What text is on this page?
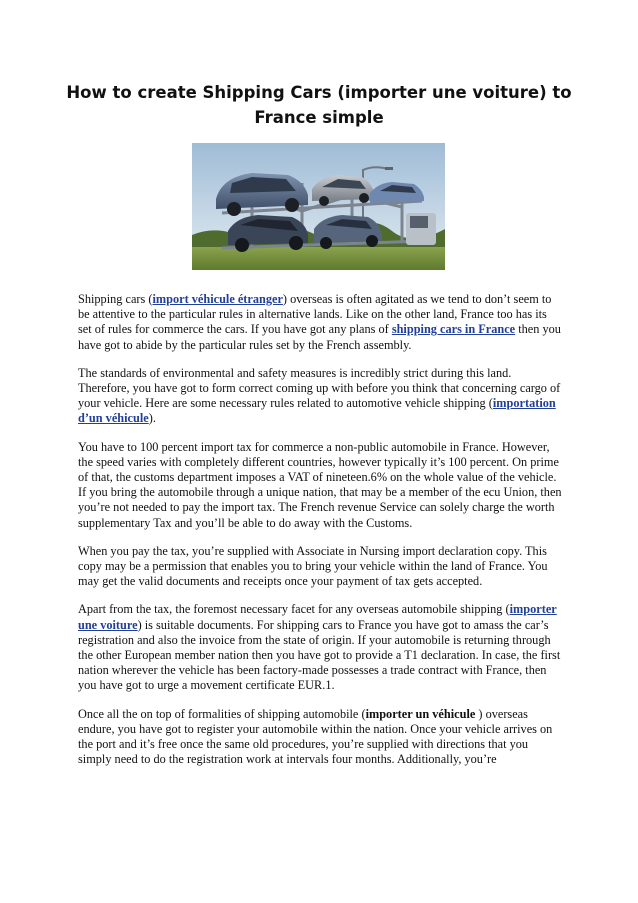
How to create Shipping Cars (importer une voiture) to France simple

Shipping cars (import véhicule étranger) overseas is often agitated as we tend to don’t seem to be attentive to the particular rules in alternative lands. Like on the other land, France too has its set of rules for commerce the cars. If you have got any plans of shipping cars in France then you have got to abide by the particular rules set by the French assembly.

The standards of environmental and safety measures is incredibly strict during this land. Therefore, you have got to form correct coming up with before you think that concerning cargo of your vehicle. Here are some necessary rules related to automotive vehicle shipping (importation d’un véhicule).

You have to 100 percent import tax for commerce a non-public automobile in France. However, the speed varies with completely different countries, however typically it’s 100 percent. On prime of that, the customs department imposes a VAT of nineteen.6% on the whole value of the vehicle. If you bring the automobile through a unique nation, that may be a member of the ecu Union, then you’re not needed to pay the import tax. The French revenue Service can solely charge the worth supplementary Tax and you’ll be able to do away with the Customs.

When you pay the tax, you’re supplied with Associate in Nursing import declaration copy. This copy may be a permission that enables you to bring your vehicle within the land of France. You may get the valid documents and receipts once your payment of tax gets accepted.

Apart from the tax, the foremost necessary facet for any overseas automobile shipping (importer une voiture) is suitable documents. For shipping cars to France you have got to amass the car’s registration and also the invoice from the state of origin. If your automobile is returning through the other European member nation then you have got to provide a T1 declaration. In case, the first nation wherever the vehicle has been factory-made possesses a trade contract with France, then you have got to urge a movement certificate EUR.1.

Once all the on top of formalities of shipping automobile (importer un véhicule ) overseas endure, you have got to register your automobile within the nation. Once your vehicle arrives on the port and it’s free once the same old procedures, you’re supplied with directions that you simply need to do the registration work at intervals four months. Additionally, you’re
